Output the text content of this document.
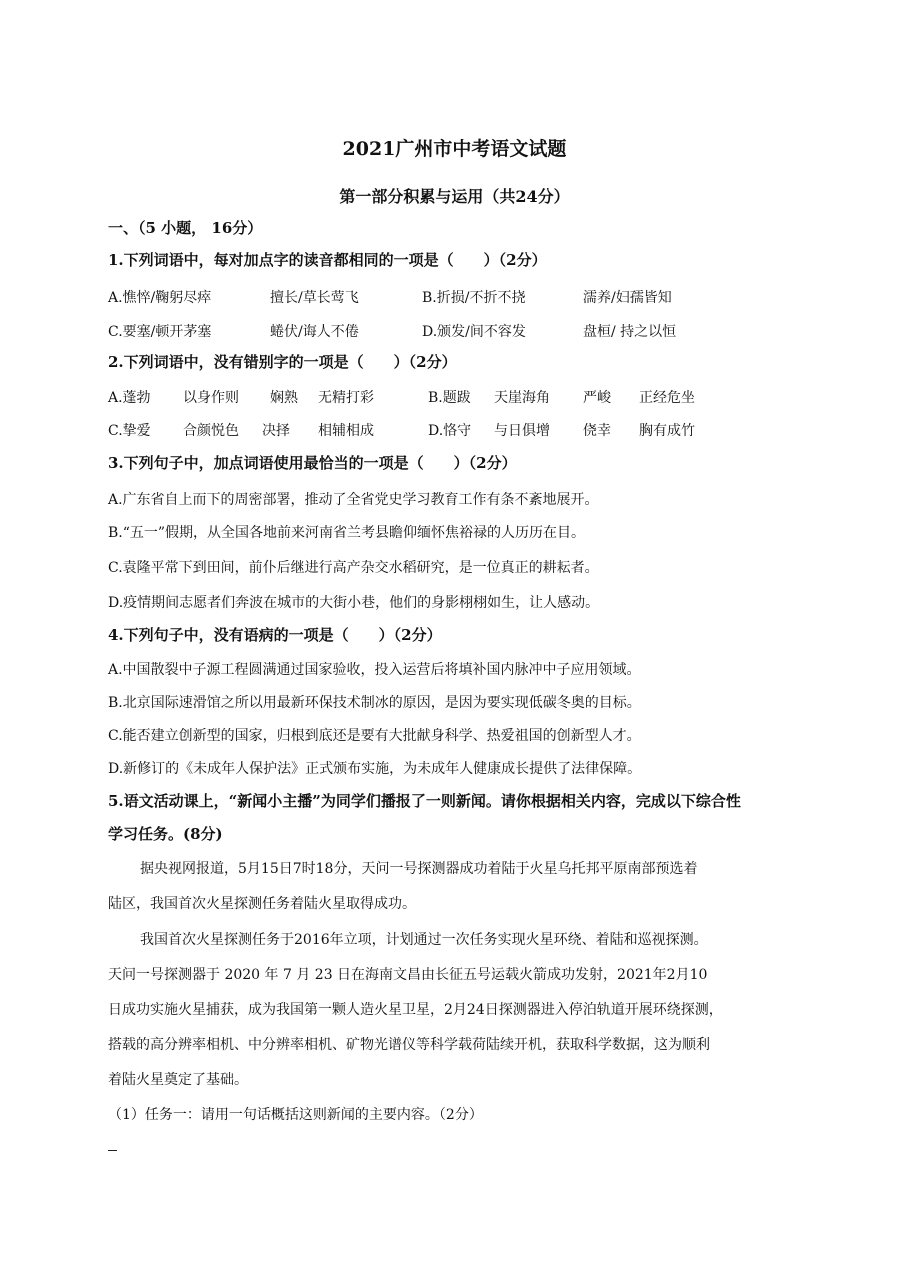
2021广州市中考语文试题
第一部分积累与运用（共24分）
一、（5 小题， 16分）
1.下列词语中，每对加点字的读音都相同的一项是（　　）（2分）
A.憔悴/鞠躬尽瘁	擅长/草长莺飞	B.折损/不折不挠	濡养/妇孺皆知
C.要塞/顿开茅塞	蜷伏/诲人不倦	D.颁发/间不容发	盘桓/ 持之以恒
2.下列词语中，没有错别字的一项是（　　）（2分）
A.蓬勃 以身作则 娴熟 无精打彩	B.题跋 天崖海角 严峻 正经危坐
C.挚爱 合颜悦色 决择 相辅相成	D.恪守 与日俱增 侥幸 胸有成竹
3.下列句子中，加点词语使用最恰当的一项是（　　）（2分）
A.广东省自上而下的周密部署，推动了全省党史学习教育工作有条不紊地展开。
B.“五一”假期，从全国各地前来河南省兰考县瞻仰缅怀焦裕禄的人历历在目。
C.袁隆平常下到田间，前仆后继进行高产杂交水稻研究，是一位真正的耕耘者。
D.疫情期间志愿者们奔波在城市的大街小巷，他们的身影栩栩如生，让人感动。
4.下列句子中，没有语病的一项是（　　）（2分）
A.中国散裂中子源工程圆满通过国家验收，投入运营后将填补国内脉冲中子应用领域。
B.北京国际速滑馆之所以用最新环保技术制冰的原因，是因为要实现低碳冬奥的目标。
C.能否建立创新型的国家，归根到底还是要有大批献身科学、热爱祖国的创新型人才。
D.新修订的《未成年人保护法》正式颁布实施，为未成年人健康成长提供了法律保障。
5.语文活动课上，“新闻小主播”为同学们播报了一则新闻。请你根据相关内容，完成以下综合性
学习任务。(8分)
据央视网报道，5月15日7时18分，天问一号探测器成功着陆于火星乌托邦平原南部预选着
陆区，我国首次火星探测任务着陆火星取得成功。
我国首次火星探测任务于2016年立项，计划通过一次任务实现火星环绕、着陆和巡视探测。
天问一号探测器于 2020 年 7 月 23 日在海南文昌由长征五号运载火箭成功发射，2021年2月10
日成功实施火星捕获，成为我国第一颗人造火星卫星，2月24日探测器进入停泊轨道开展环绕探测，
搭载的高分辨率相机、中分辨率相机、矿物光谱仪等科学载荷陆续开机，获取科学数据，这为顺利
着陆火星奠定了基础。
（1）任务一：请用一句话概括这则新闻的主要内容。（2分）
